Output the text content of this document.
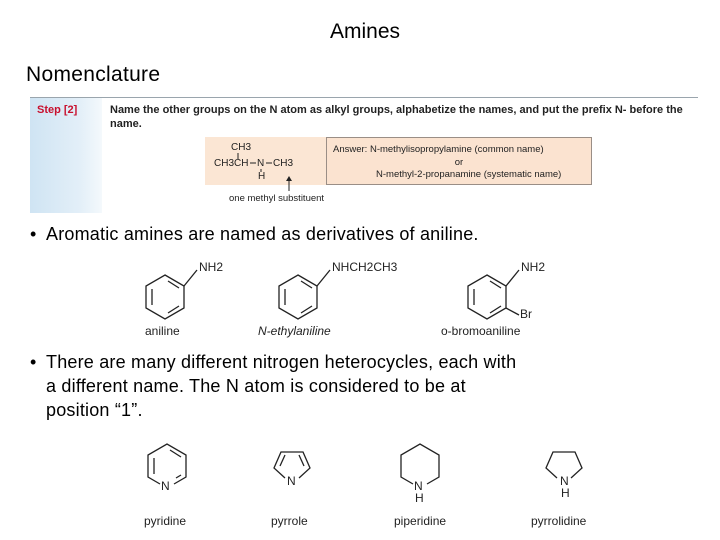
Amines
Nomenclature
Step [2]	Name the other groups on the N atom as alkyl groups, alphabetize the names, and put the prefix N- before the name.
CH3
CH3CH N CH3
H
Answer: N-methylisopropylamine (common name)
or
N-methyl-2-propanamine (systematic name)
one methyl substituent
• Aromatic amines are named as derivatives of aniline.
NH2	NHCH2CH3	NH2
Br
aniline	N-ethylaniline	o-bromoaniline
• There are many different nitrogen heterocycles, each with
a different name. The N atom is considered to be at
position “1”.
N	N	N
H
N
H
pyridine	pyrrole	piperidine	pyrrolidine
